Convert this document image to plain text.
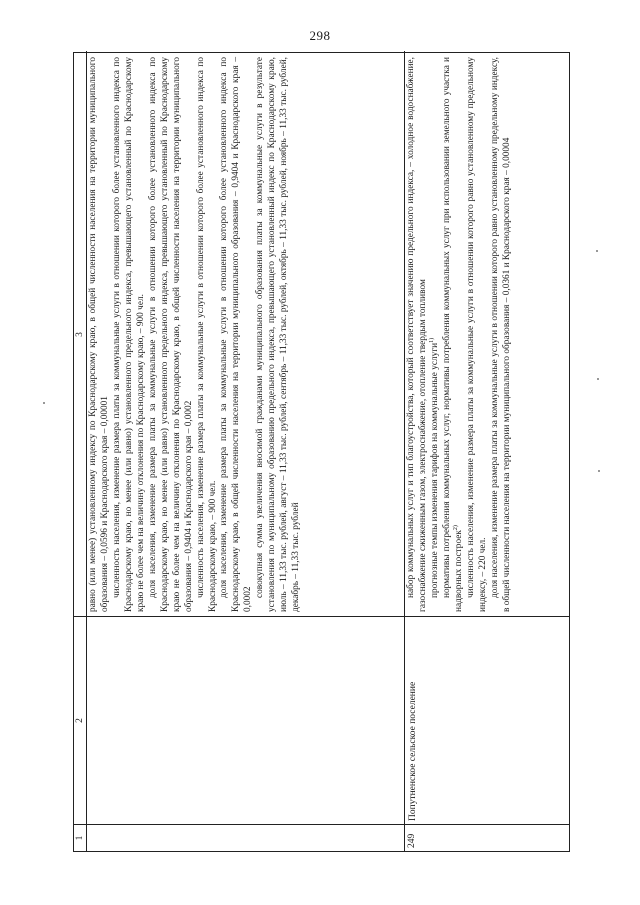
298
1
2
3 равно (или менее) установленному индексу по Краснодарскому краю, в общей численности населения на территории муниципального образования – 0,0596 и Краснодарского края – 0,00001 численность населения, изменение размера платы за коммунальные услуги в отношении которого более установленного индекса по Краснодарскому краю, но менее (или равно) установленного предельного индекса, превышающего установленный по Краснодарскому краю не более чем на величину отклонения по Краснодарскому краю, – 900 чел. доля населения, изменение размера платы за коммунальные услуги в отношении которого более установленного индекса по Краснодарскому краю, но менее (или равно) установленного предельного индекса, превышающего установленный по Краснодарскому краю не более чем на величину отклонения по Краснодарскому краю, в общей численности населения на территории муниципального образования – 0,9404 и Краснодарского края – 0,0002 численность населения, изменение размера платы за коммунальные услуги в отношении которого более установленного индекса по Краснодарскому краю, – 900 чел. доля населения, изменение размера платы за коммунальные услуги в отношении которого более установленного индекса по Краснодарскому краю, в общей численности населения на территории муниципального образования – 0,9404 и Краснодарского края – 0,0002

совокупная сумма увеличения вносимой гражданами муниципального образования платы за коммунальные услуги в результате установления по муниципальному образованию предельного индекса, превышающего установленный индекс по Краснодарскому краю, июль – 11,33 тыс. рублей, август – 11,33 тыс. рублей, сентябрь – 11,33 тыс. рублей, октябрь – 11,33 тыс. рублей, ноябрь – 11,33 тыс. рублей, декабрь – 11,33 тыс. рублей

249
Попутненское сельское поселение

набор коммунальных услуг и тип благоустройства, который соответствует значению предельного индекса, – холодное водоснабжение, газоснабжение сжиженным газом, электроснабжение, отопление твердым топливом прогнозные темпы изменения тарифов на коммунальные услуги$^{1)}$ нормативы потребления коммунальных услуг, нормативы потребления коммунальных услуг при использовании земельного участка и надворных построек$^{2)}$ численность населения, изменение размера платы за коммунальные услуги в отношении которого равно установленному предельному индексу, – 220 чел. доля населения, изменение размера платы за коммунальные услуги в отношении которого равно установленному предельному индексу, в общей численности населения на территории муниципального образования – 0,0361 и Краснодарского края – 0,00004
